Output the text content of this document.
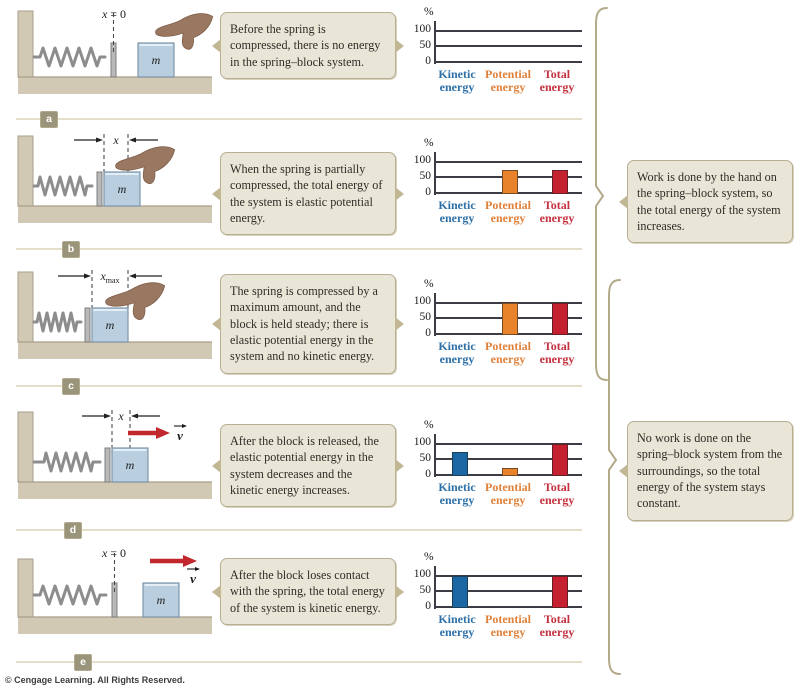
x = 0
m
Before the spring is compressed, there is no energy in the spring–block system.
%
100
50
0
Kinetic energy
Potential energy
Total energy
a
x
m
When the spring is partially compressed, the total energy of the system is elastic potential energy.
%
100
50
0
Kinetic energy
Potential energy
Total energy
b
$x_{max}$
m
The spring is compressed by a maximum amount, and the block is held steady; there is elastic potential energy in the system and no kinetic energy.
%
100
50
0
Kinetic energy
Potential energy
Total energy
c
x
v
m
After the block is released, the elastic potential energy in the system decreases and the kinetic energy increases.
%
100
50
0
Kinetic energy
Potential energy
Total energy
d
x = 0
v
m
After the block loses contact with the spring, the total energy of the system is kinetic energy.
%
100
50
0
Kinetic energy
Potential energy
Total energy
e
Work is done by the hand on the spring–block system, so the total energy of the system increases.
No work is done on the spring–block system from the surroundings, so the total energy of the system stays constant.
© Cengage Learning. All Rights Reserved.
